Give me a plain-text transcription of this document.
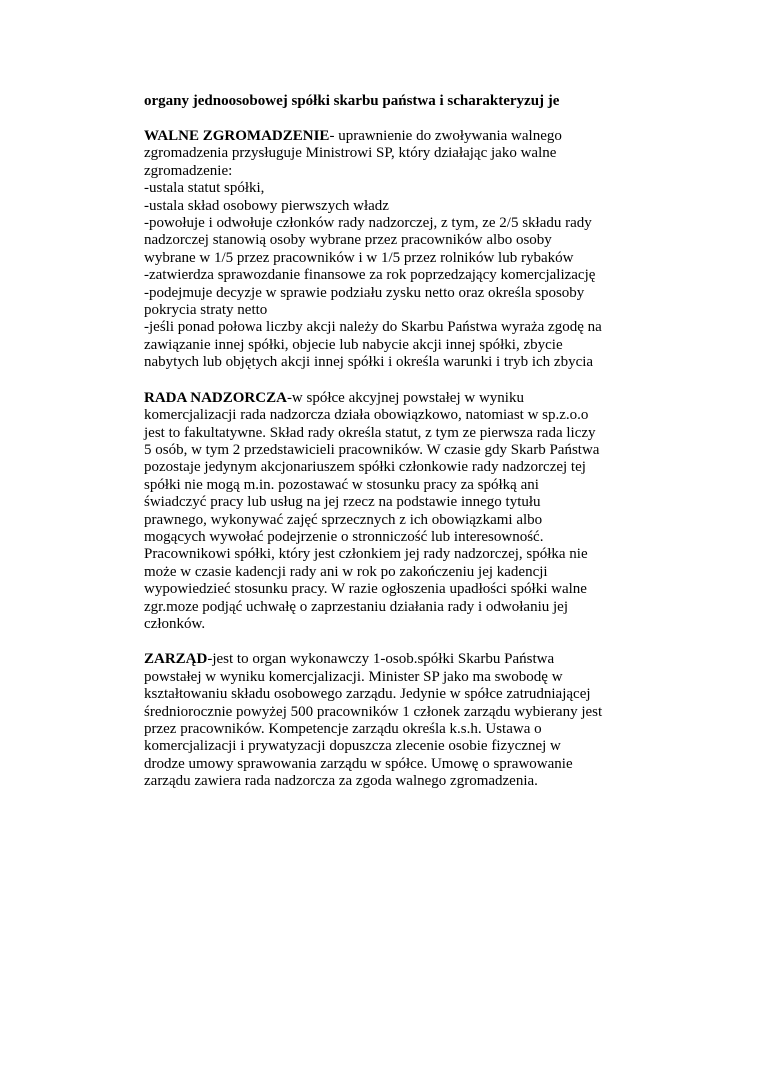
organy jednoosobowej spółki skarbu państwa i scharakteryzuj je

WALNE ZGROMADZENIE- uprawnienie do zwoływania walnego
zgromadzenia przysługuje Ministrowi SP, który działając jako walne
zgromadzenie:
-ustala statut spółki,
-ustala skład osobowy pierwszych władz
-powołuje i odwołuje członków rady nadzorczej, z tym, ze 2/5 składu rady
nadzorczej stanowią osoby wybrane przez pracowników albo osoby
wybrane w 1/5 przez pracowników i w 1/5 przez rolników lub rybaków
-zatwierdza sprawozdanie finansowe za rok poprzedzający komercjalizację
-podejmuje decyzje w sprawie podziału zysku netto oraz określa sposoby
pokrycia straty netto
-jeśli ponad połowa liczby akcji należy do Skarbu Państwa wyraża zgodę na
zawiązanie innej spółki, objecie lub nabycie akcji innej spółki, zbycie
nabytych lub objętych akcji innej spółki i określa warunki i tryb ich zbycia
RADA NADZORCZA-w spółce akcyjnej powstałej w wyniku
komercjalizacji rada nadzorcza działa obowiązkowo, natomiast w sp.z.o.o
jest to fakultatywne. Skład rady określa statut, z tym ze pierwsza rada liczy
5 osób, w tym 2 przedstawicieli pracowników. W czasie gdy Skarb Państwa
pozostaje jedynym akcjonariuszem spółki członkowie rady nadzorczej tej
spółki nie mogą m.in. pozostawać w stosunku pracy za spółką ani
świadczyć pracy lub usług na jej rzecz na podstawie innego tytułu
prawnego, wykonywać zajęć sprzecznych z ich obowiązkami albo
mogących wywołać podejrzenie o stronniczość lub interesowność.
Pracownikowi spółki, który jest członkiem jej rady nadzorczej, spółka nie
może w czasie kadencji rady ani w rok po zakończeniu jej kadencji
wypowiedzieć stosunku pracy. W razie ogłoszenia upadłości spółki walne
zgr.moze podjąć uchwałę o zaprzestaniu działania rady i odwołaniu jej
członków.
ZARZĄD-jest to organ wykonawczy 1-osob.spółki Skarbu Państwa
powstałej w wyniku komercjalizacji. Minister SP jako ma swobodę w
kształtowaniu składu osobowego zarządu. Jedynie w spółce zatrudniającej
średniorocznie powyżej 500 pracowników 1 członek zarządu wybierany jest
przez pracowników. Kompetencje zarządu określa k.s.h. Ustawa o
komercjalizacji i prywatyzacji dopuszcza zlecenie osobie fizycznej w
drodze umowy sprawowania zarządu w spółce. Umowę o sprawowanie
zarządu zawiera rada nadzorcza za zgoda walnego zgromadzenia.
